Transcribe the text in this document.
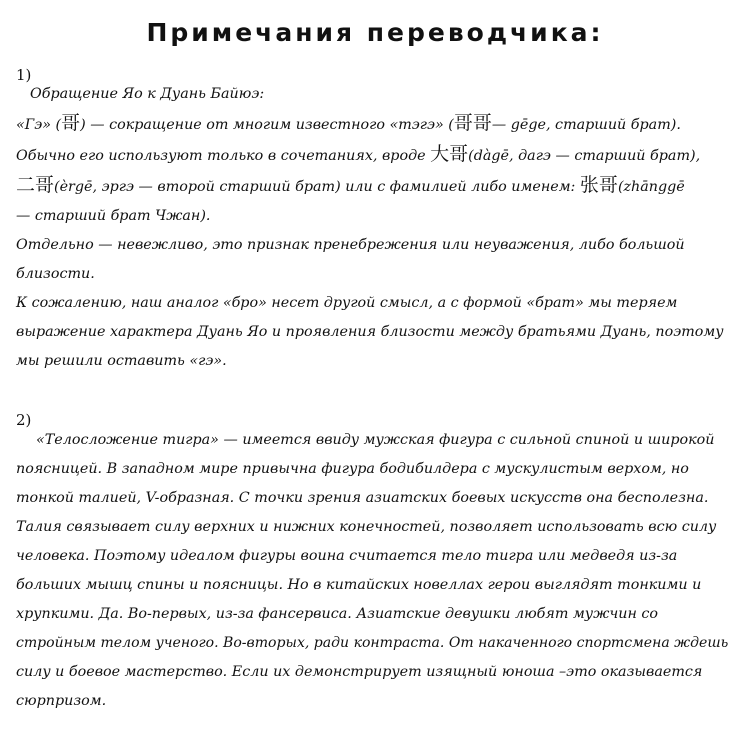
Примечания переводчика:
1)
Обращение Яо к Дуань Байюэ:
«Гэ» (哥) — сокращение от многим известного «тэгэ» (哥哥— gēge, старший брат).
Обычно его используют только в сочетаниях, вроде 大哥(dàgē, дагэ — старший брат),
二哥(èrgē, эргэ — второй старший брат) или с фамилией либо именем: 张哥(zhānggē
— старший брат Чжан).
Отдельно — невежливо, это признак пренебрежения или неуважения, либо большой
близости.
К сожалению, наш аналог «бро» несет другой смысл, а с формой «брат» мы теряем
выражение характера Дуань Яо и проявления близости между братьями Дуань, поэтому
мы решили оставить «гэ».
2)
«Телосложение тигра» — имеется ввиду мужская фигура с сильной спиной и широкой
поясницей. В западном мире привычна фигура бодибилдера с мускулистым верхом, но
тонкой талией, V-образная. С точки зрения азиатских боевых искусств она бесполезна.
Талия связывает силу верхних и нижних конечностей, позволяет использовать всю силу
человека. Поэтому идеалом фигуры воина считается тело тигра или медведя из-за
больших мышц спины и поясницы. Но в китайских новеллах герои выглядят тонкими и
хрупкими. Да. Во-первых, из-за фансервиса. Азиатские девушки любят мужчин со
стройным телом ученого. Во-вторых, ради контраста. От накаченного спортсмена ждешь
силу и боевое мастерство. Если их демонстрирует изящный юноша –это оказывается
сюрпризом.
